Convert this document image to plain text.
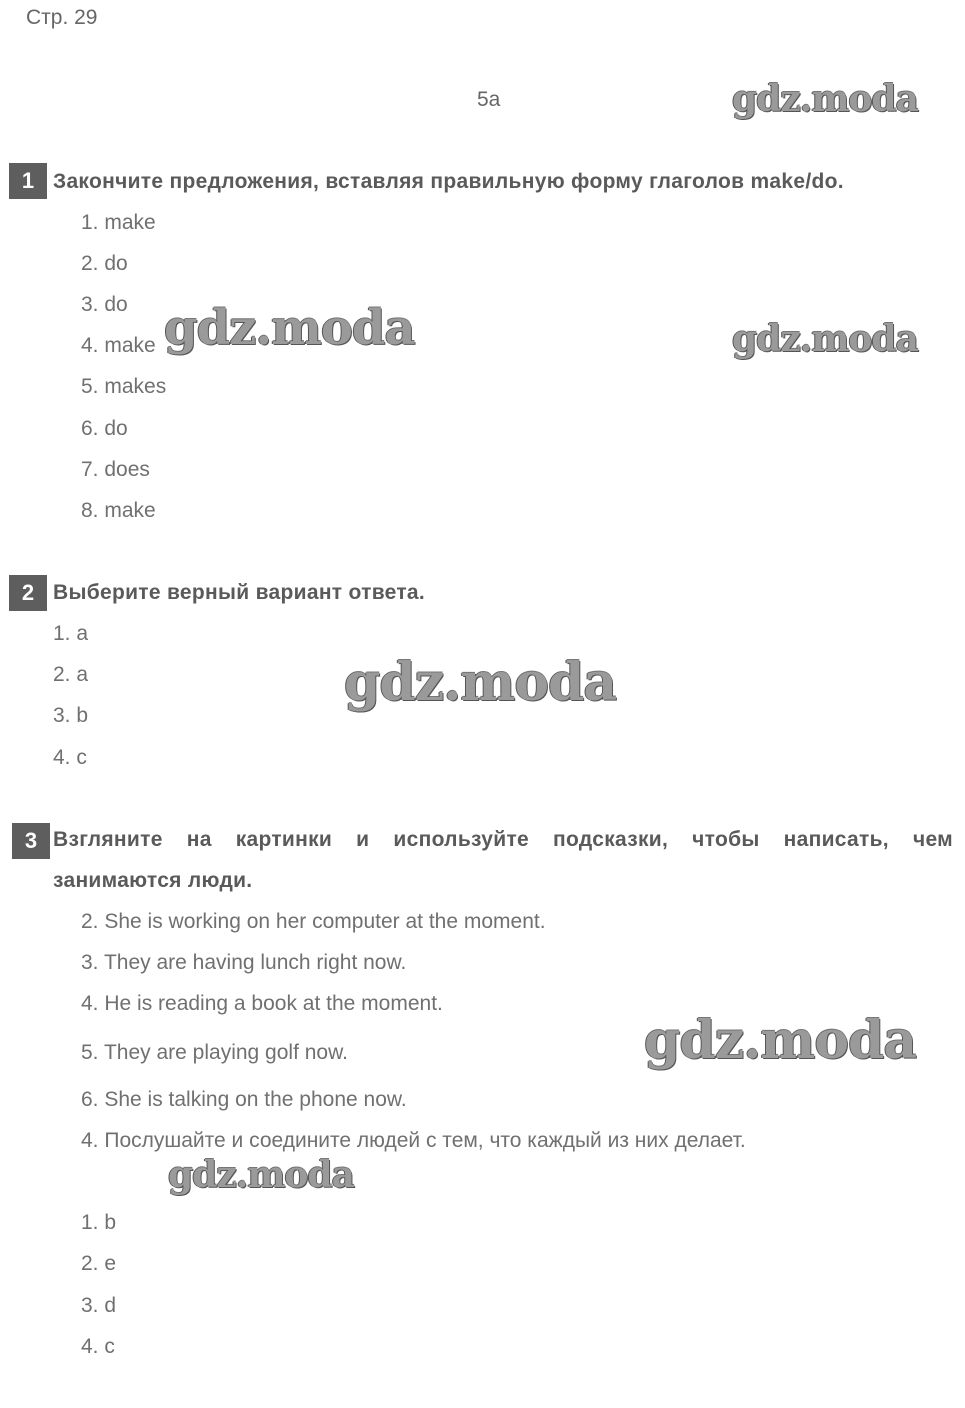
Стр. 29
5a	gdz.moda
gdz.moda	gdz.moda
gdz.moda
gdz.moda
gdz.moda
1 Закончите предложения, вставляя правильную форму глаголов make/do.
1. make
2. do
3. do
4. make
5. makes
6. do
7. does
8. make
2 Выберите верный вариант ответа.
1. a
2. a
3. b
4. c
3 Взгляните на картинки и используйте подсказки, чтобы написать, чем
занимаются люди.
2. She is working on her computer at the moment.
3. They are having lunch right now.
4. He is reading a book at the moment.
5. They are playing golf now.
6. She is talking on the phone now.
4. Послушайте и соедините людей с тем, что каждый из них делает.
1. b
2. e
3. d
4. c
